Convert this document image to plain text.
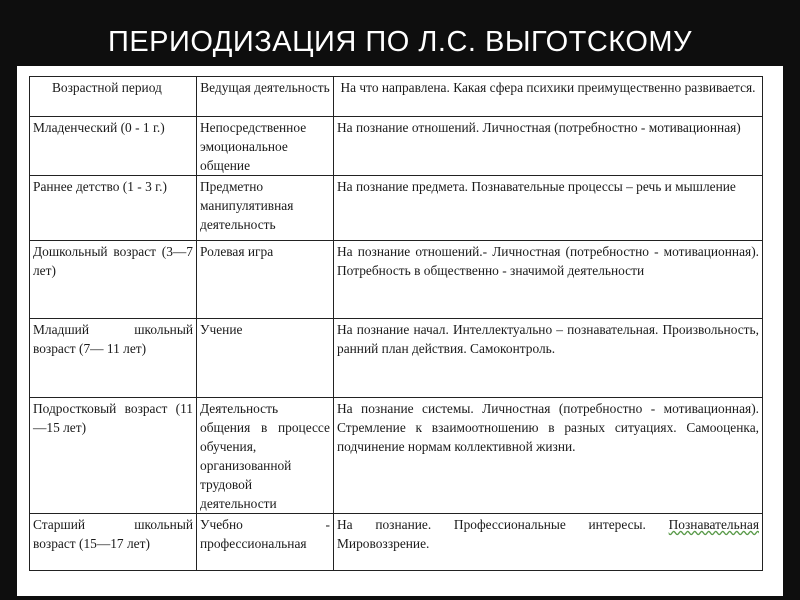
ПЕРИОДИЗАЦИЯ ПО Л.С. ВЫГОТСКОМУ
Возрастной период	Ведущая деятельность	На что направлена. Какая сфера психики преимущественно развивается.
Младенческий (0 - 1 г.)	Непосредственное эмоциональное общение	На познание отношений. Личностная (потребностно - мотивационная)
Раннее детство (1 - 3 г.)	Предметно манипулятивная деятельность	На познание предмета. Познавательные процессы – речь и мышление
Дошкольный возраст (3—7 лет)	Ролевая игра	На познание отношений.- Личностная (потребностно - мотивационная). Потребность в общественно - значимой деятельности
Младший школьный возраст (7— 11 лет)	Учение	На познание начал. Интеллектуально – познавательная. Произвольность, ранний план действия. Самоконтроль.
Подростковый возраст (11—15 лет)	Деятельность общения в процессе обучения, организованной трудовой деятельности	На познание системы. Личностная (потребностно - мотивационная). Стремление к взаимоотношению в разных ситуациях. Самооценка, подчинение нормам коллективной жизни.
Старший школьный возраст (15—17 лет)	Учебно - профессиональная	На познание. Профессиональные интересы. Познавательная Мировоззрение.
